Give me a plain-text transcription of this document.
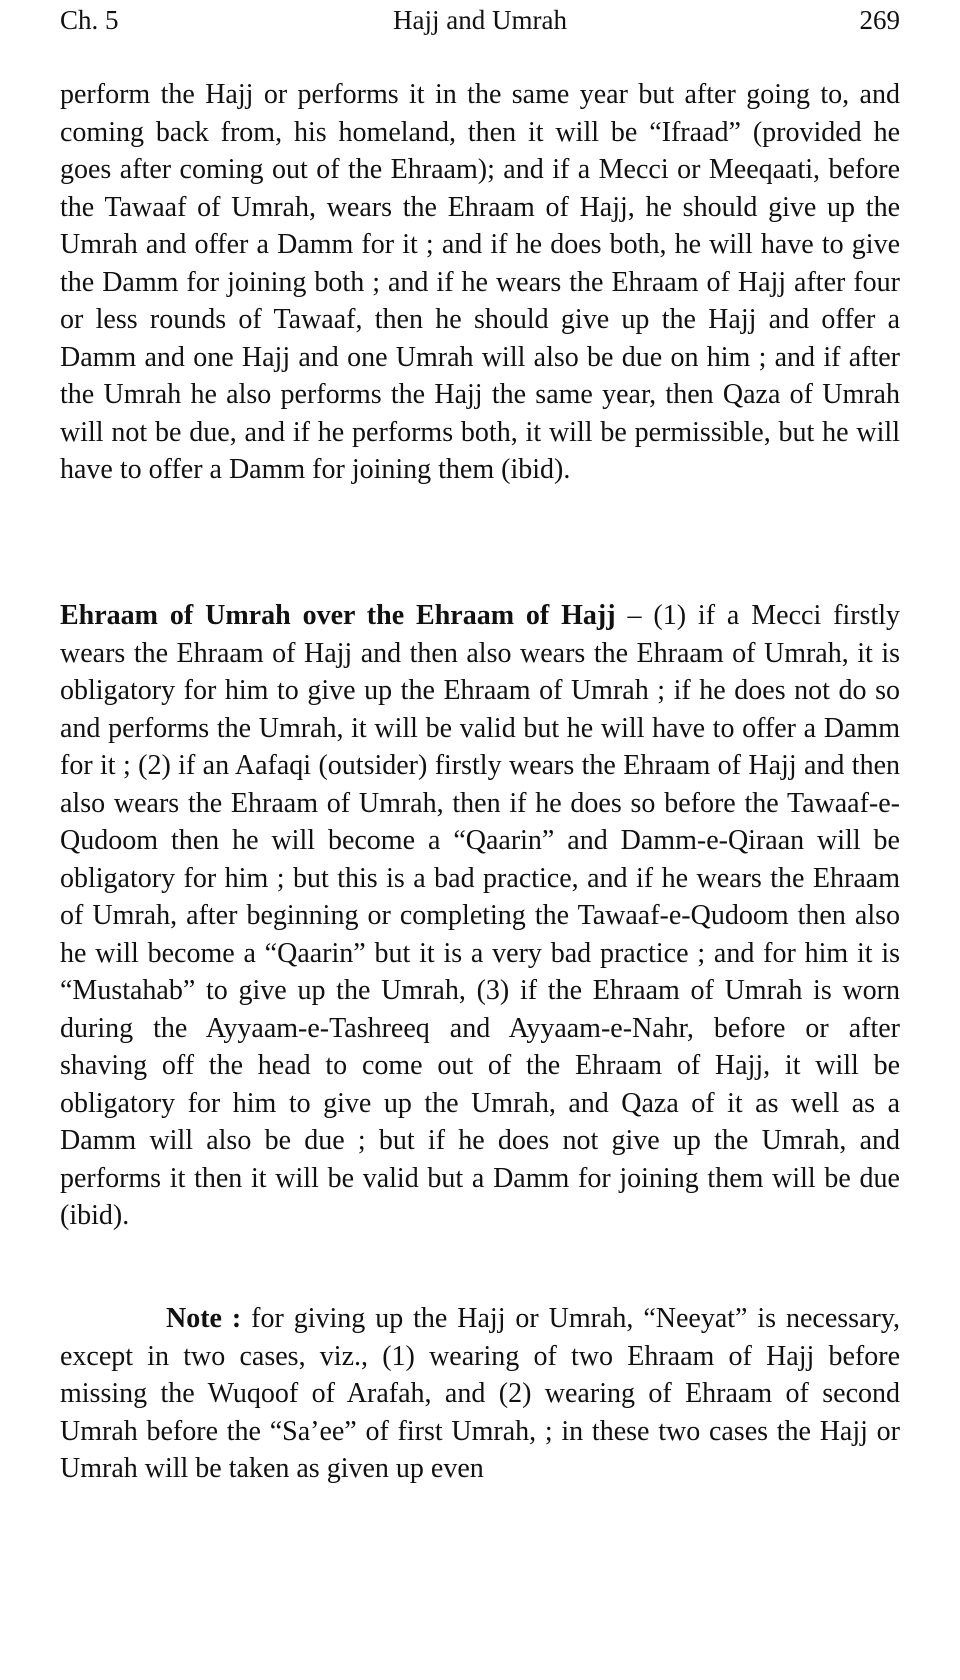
Ch. 5	Hajj and Umrah	269

perform the Hajj or performs it in the same year but after going to, and coming back from, his homeland, then it will be “Ifraad” (provided he goes after coming out of the Ehraam); and if a Mecci or Meeqaati, before the Tawaaf of Umrah, wears the Ehraam of Hajj, he should give up the Umrah and offer a Damm for it ; and if he does both, he will have to give the Damm for joining both ; and if he wears the Ehraam of Hajj after four or less rounds of Tawaaf, then he should give up the Hajj and offer a Damm and one Hajj and one Umrah will also be due on him ; and if after the Umrah he also performs the Hajj the same year, then Qaza of Umrah will not be due, and if he performs both, it will be permissible, but he will have to offer a Damm for joining them (ibid).

Ehraam of Umrah over the Ehraam of Hajj – (1) if a Mecci firstly wears the Ehraam of Hajj and then also wears the Ehraam of Umrah, it is obligatory for him to give up the Ehraam of Umrah ; if he does not do so and performs the Umrah, it will be valid but he will have to offer a Damm for it ; (2) if an Aafaqi (outsider) firstly wears the Ehraam of Hajj and then also wears the Ehraam of Umrah, then if he does so before the Tawaaf-e-Qudoom then he will become a “Qaarin” and Damm-e-Qiraan will be obligatory for him ; but this is a bad practice, and if he wears the Ehraam of Umrah, after beginning or completing the Tawaaf-e-Qudoom then also he will become a “Qaarin” but it is a very bad practice ; and for him it is “Mustahab” to give up the Umrah, (3) if the Ehraam of Umrah is worn during the Ayyaam-e-Tashreeq and Ayyaam-e-Nahr, before or after shaving off the head to come out of the Ehraam of Hajj, it will be obligatory for him to give up the Umrah, and Qaza of it as well as a Damm will also be due ; but if he does not give up the Umrah, and performs it then it will be valid but a Damm for joining them will be due (ibid).

Note : for giving up the Hajj or Umrah, “Neeyat” is necessary, except in two cases, viz., (1) wearing of two Ehraam of Hajj before missing the Wuqoof of Arafah, and (2) wearing of Ehraam of second Umrah before the “Sa’ee” of first Umrah, ; in these two cases the Hajj or Umrah will be taken as given up even
